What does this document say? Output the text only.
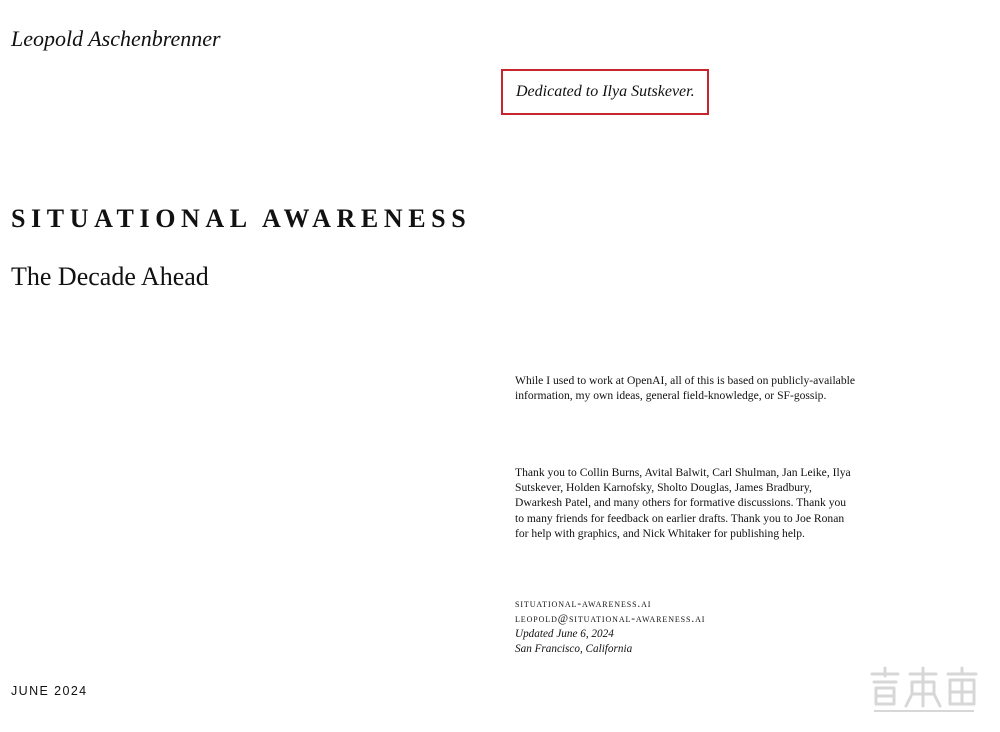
Leopold Aschenbrenner
Dedicated to Ilya Sutskever.
SITUATIONAL AWARENESS
The Decade Ahead
While I used to work at OpenAI, all of this is based on publicly-available information, my own ideas, general field-knowledge, or SF-gossip.
Thank you to Collin Burns, Avital Balwit, Carl Shulman, Jan Leike, Ilya Sutskever, Holden Karnofsky, Sholto Douglas, James Bradbury, Dwarkesh Patel, and many others for formative discussions. Thank you to many friends for feedback on earlier drafts. Thank you to Joe Ronan for help with graphics, and Nick Whitaker for publishing help.
situational-awareness.ai
leopold@situational-awareness.ai
Updated June 6, 2024
San Francisco, California
JUNE 2024
